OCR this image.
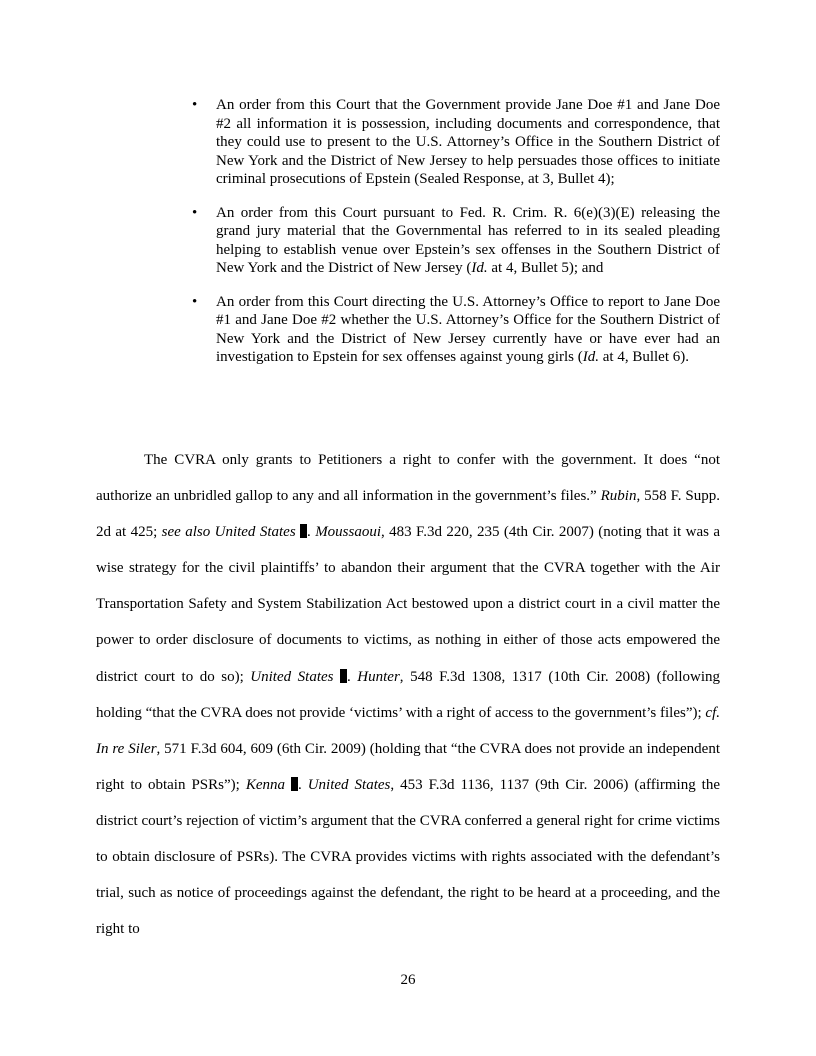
• An order from this Court that the Government provide Jane Doe #1 and Jane Doe #2 all information it is possession, including documents and correspondence, that they could use to present to the U.S. Attorney’s Office in the Southern District of New York and the District of New Jersey to help persuades those offices to initiate criminal prosecutions of Epstein (Sealed Response, at 3, Bullet 4);
• An order from this Court pursuant to Fed. R. Crim. R. 6(e)(3)(E) releasing the grand jury material that the Governmental has referred to in its sealed pleading helping to establish venue over Epstein’s sex offenses in the Southern District of New York and the District of New Jersey (Id. at 4, Bullet 5); and
• An order from this Court directing the U.S. Attorney’s Office to report to Jane Doe #1 and Jane Doe #2 whether the U.S. Attorney’s Office for the Southern District of New York and the District of New Jersey currently have or have ever had an investigation to Epstein for sex offenses against young girls (Id. at 4, Bullet 6).

The CVRA only grants to Petitioners a right to confer with the government. It does “not authorize an unbridled gallop to any and all information in the government’s files.” Rubin, 558 F. Supp. 2d at 425; see also United States . Moussaoui, 483 F.3d 220, 235 (4th Cir. 2007) (noting that it was a wise strategy for the civil plaintiffs’ to abandon their argument that the CVRA together with the Air Transportation Safety and System Stabilization Act bestowed upon a district court in a civil matter the power to order disclosure of documents to victims, as nothing in either of those acts empowered the district court to do so); United States . Hunter, 548 F.3d 1308, 1317 (10th Cir. 2008) (following holding “that the CVRA does not provide ‘victims’ with a right of access to the government’s files”); cf. In re Siler, 571 F.3d 604, 609 (6th Cir. 2009) (holding that “the CVRA does not provide an independent right to obtain PSRs”); Kenna . United States, 453 F.3d 1136, 1137 (9th Cir. 2006) (affirming the district court’s rejection of victim’s argument that the CVRA conferred a general right for crime victims to obtain disclosure of PSRs). The CVRA provides victims with rights associated with the defendant’s trial, such as notice of proceedings against the defendant, the right to be heard at a proceeding, and the right to

26
